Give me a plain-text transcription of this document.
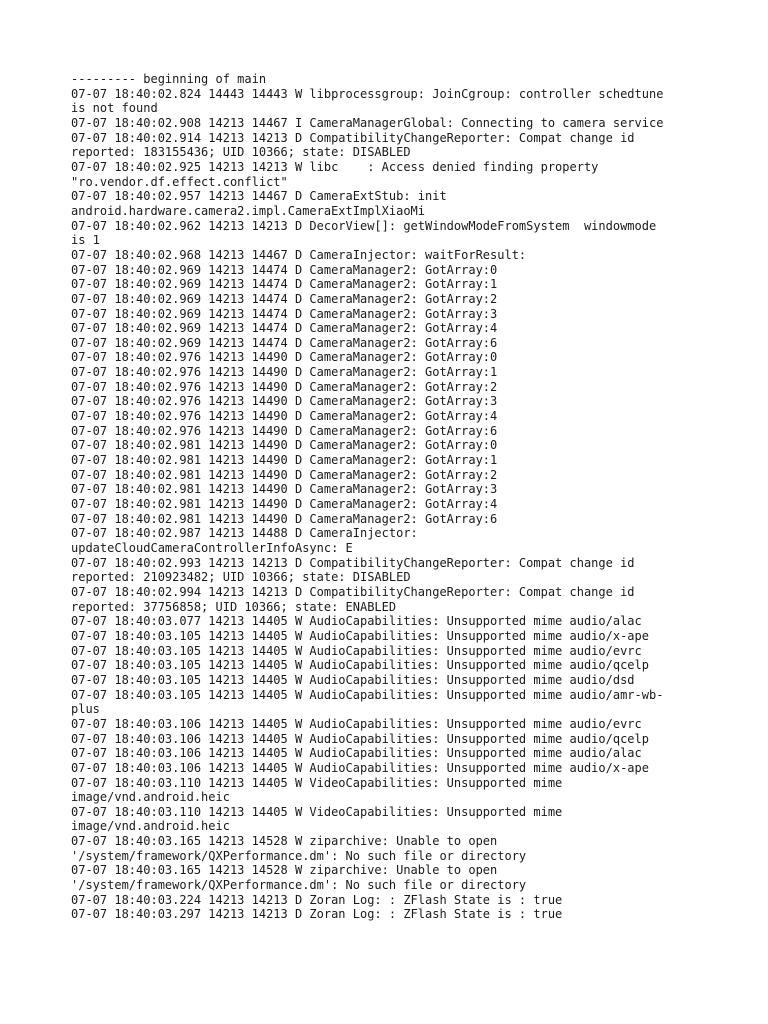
--------- beginning of main
07-07 18:40:02.824 14443 14443 W libprocessgroup: JoinCgroup: controller schedtune
is not found
07-07 18:40:02.908 14213 14467 I CameraManagerGlobal: Connecting to camera service
07-07 18:40:02.914 14213 14213 D CompatibilityChangeReporter: Compat change id
reported: 183155436; UID 10366; state: DISABLED
07-07 18:40:02.925 14213 14213 W libc    : Access denied finding property
"ro.vendor.df.effect.conflict"
07-07 18:40:02.957 14213 14467 D CameraExtStub: init
android.hardware.camera2.impl.CameraExtImplXiaoMi
07-07 18:40:02.962 14213 14213 D DecorView[]: getWindowModeFromSystem  windowmode
is 1
07-07 18:40:02.968 14213 14467 D CameraInjector: waitForResult:
07-07 18:40:02.969 14213 14474 D CameraManager2: GotArray:0
07-07 18:40:02.969 14213 14474 D CameraManager2: GotArray:1
07-07 18:40:02.969 14213 14474 D CameraManager2: GotArray:2
07-07 18:40:02.969 14213 14474 D CameraManager2: GotArray:3
07-07 18:40:02.969 14213 14474 D CameraManager2: GotArray:4
07-07 18:40:02.969 14213 14474 D CameraManager2: GotArray:6
07-07 18:40:02.976 14213 14490 D CameraManager2: GotArray:0
07-07 18:40:02.976 14213 14490 D CameraManager2: GotArray:1
07-07 18:40:02.976 14213 14490 D CameraManager2: GotArray:2
07-07 18:40:02.976 14213 14490 D CameraManager2: GotArray:3
07-07 18:40:02.976 14213 14490 D CameraManager2: GotArray:4
07-07 18:40:02.976 14213 14490 D CameraManager2: GotArray:6
07-07 18:40:02.981 14213 14490 D CameraManager2: GotArray:0
07-07 18:40:02.981 14213 14490 D CameraManager2: GotArray:1
07-07 18:40:02.981 14213 14490 D CameraManager2: GotArray:2
07-07 18:40:02.981 14213 14490 D CameraManager2: GotArray:3
07-07 18:40:02.981 14213 14490 D CameraManager2: GotArray:4
07-07 18:40:02.981 14213 14490 D CameraManager2: GotArray:6
07-07 18:40:02.987 14213 14488 D CameraInjector:
updateCloudCameraControllerInfoAsync: E
07-07 18:40:02.993 14213 14213 D CompatibilityChangeReporter: Compat change id
reported: 210923482; UID 10366; state: DISABLED
07-07 18:40:02.994 14213 14213 D CompatibilityChangeReporter: Compat change id
reported: 37756858; UID 10366; state: ENABLED
07-07 18:40:03.077 14213 14405 W AudioCapabilities: Unsupported mime audio/alac
07-07 18:40:03.105 14213 14405 W AudioCapabilities: Unsupported mime audio/x-ape
07-07 18:40:03.105 14213 14405 W AudioCapabilities: Unsupported mime audio/evrc
07-07 18:40:03.105 14213 14405 W AudioCapabilities: Unsupported mime audio/qcelp
07-07 18:40:03.105 14213 14405 W AudioCapabilities: Unsupported mime audio/dsd
07-07 18:40:03.105 14213 14405 W AudioCapabilities: Unsupported mime audio/amr-wb-
plus
07-07 18:40:03.106 14213 14405 W AudioCapabilities: Unsupported mime audio/evrc
07-07 18:40:03.106 14213 14405 W AudioCapabilities: Unsupported mime audio/qcelp
07-07 18:40:03.106 14213 14405 W AudioCapabilities: Unsupported mime audio/alac
07-07 18:40:03.106 14213 14405 W AudioCapabilities: Unsupported mime audio/x-ape
07-07 18:40:03.110 14213 14405 W VideoCapabilities: Unsupported mime
image/vnd.android.heic
07-07 18:40:03.110 14213 14405 W VideoCapabilities: Unsupported mime
image/vnd.android.heic
07-07 18:40:03.165 14213 14528 W ziparchive: Unable to open
'/system/framework/QXPerformance.dm': No such file or directory
07-07 18:40:03.165 14213 14528 W ziparchive: Unable to open
'/system/framework/QXPerformance.dm': No such file or directory
07-07 18:40:03.224 14213 14213 D Zoran Log: : ZFlash State is : true
07-07 18:40:03.297 14213 14213 D Zoran Log: : ZFlash State is : true
